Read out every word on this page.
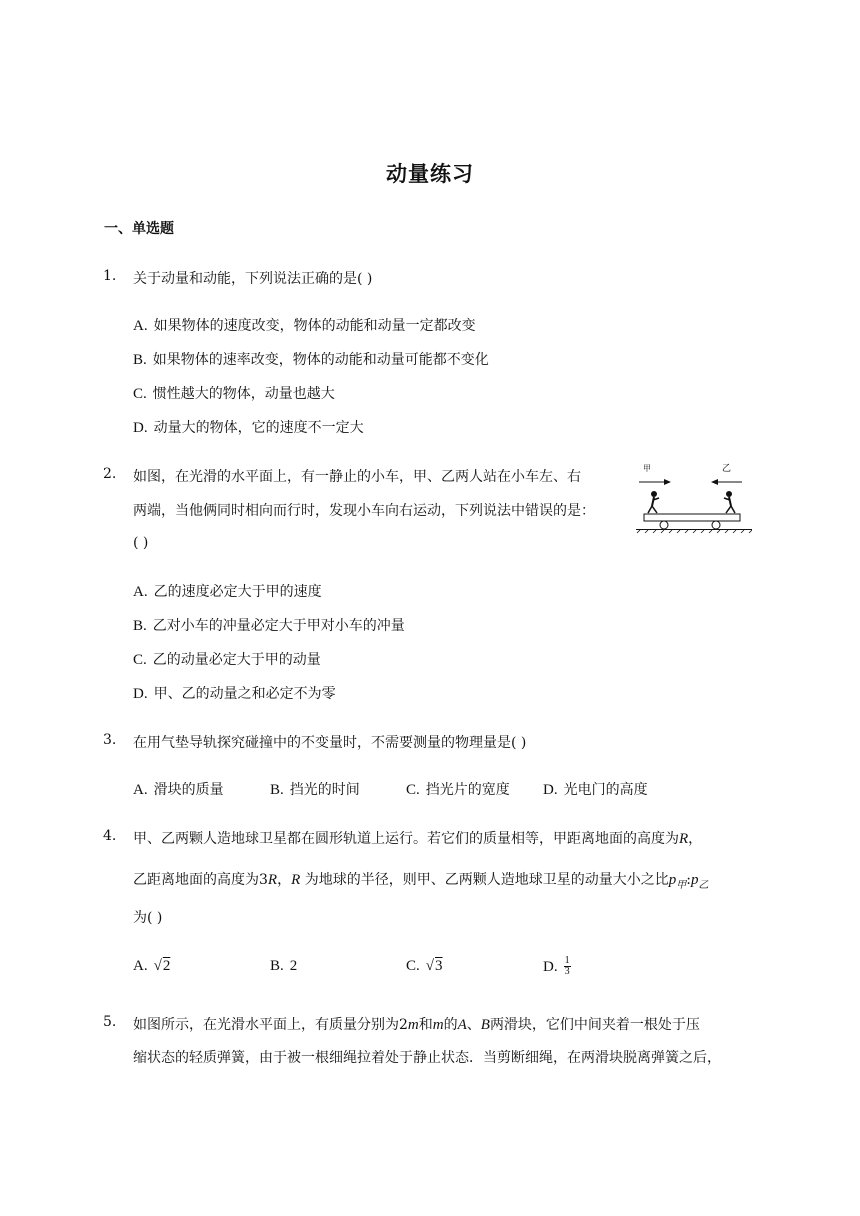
动量练习
一、单选题
1. 关于动量和动能，下列说法正确的是( )
A. 如果物体的速度改变，物体的动能和动量一定都改变
B. 如果物体的速率改变，物体的动能和动量可能都不变化
C. 惯性越大的物体，动量也越大
D. 动量大的物体，它的速度不一定大
2. 如图，在光滑的水平面上，有一静止的小车，甲、乙两人站在小车左、右
两端，当他俩同时相向而行时，发现小车向右运动，下列说法中错误的是：
( )
甲	乙
A. 乙的速度必定大于甲的速度
B. 乙对小车的冲量必定大于甲对小车的冲量
C. 乙的动量必定大于甲的动量
D. 甲、乙的动量之和必定不为零
3. 在用气垫导轨探究碰撞中的不变量时，不需要测量的物理量是( )
A. 滑块的质量	B. 挡光的时间	C. 挡光片的宽度 D. 光电门的高度
4. 甲、乙两颗人造地球卫星都在圆形轨道上运行。若它们的质量相等，甲距离地面的高度为R，
乙距离地面的高度为3R，R 为地球的半径，则甲、乙两颗人造地球卫星的动量大小之比$p_甲:p_乙$
为( )
A. √2	B. 2	C. √3	D. $\frac{1}{3}$
5. 如图所示，在光滑水平面上，有质量分别为2m和m的A、B两滑块，它们中间夹着一根处于压
缩状态的轻质弹簧，由于被一根细绳拉着处于静止状态．当剪断细绳，在两滑块脱离弹簧之后，
